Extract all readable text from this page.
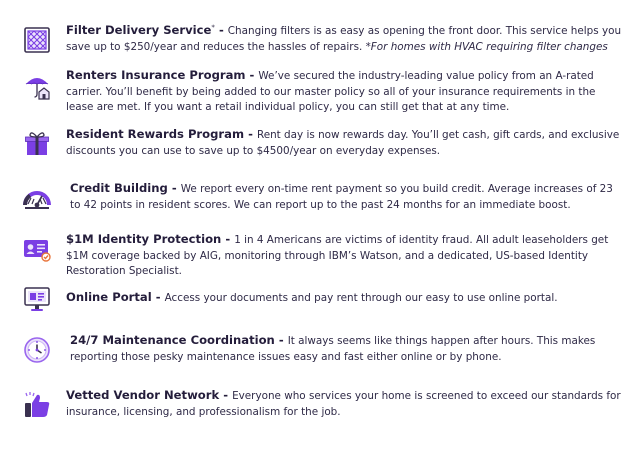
Filter Delivery Service* - Changing filters is as easy as opening the front door. This service helps you save up to $250/year and reduces the hassles of repairs. *For homes with HVAC requiring filter changes
Renters Insurance Program - We’ve secured the industry-leading value policy from an A-rated carrier. You’ll benefit by being added to our master policy so all of your insurance requirements in the lease are met. If you want a retail individual policy, you can still get that at any time.
Resident Rewards Program - Rent day is now rewards day. You’ll get cash, gift cards, and exclusive discounts you can use to save up to $4500/year on everyday expenses.
Credit Building - We report every on-time rent payment so you build credit. Average increases of 23 to 42 points in resident scores. We can report up to the past 24 months for an immediate boost.
$1M Identity Protection - 1 in 4 Americans are victims of identity fraud. All adult leaseholders get $1M coverage backed by AIG, monitoring through IBM’s Watson, and a dedicated, US-based Identity Restoration Specialist.
Online Portal - Access your documents and pay rent through our easy to use online portal.
24/7 Maintenance Coordination - It always seems like things happen after hours. This makes reporting those pesky maintenance issues easy and fast either online or by phone.
Vetted Vendor Network - Everyone who services your home is screened to exceed our standards for insurance, licensing, and professionalism for the job.
